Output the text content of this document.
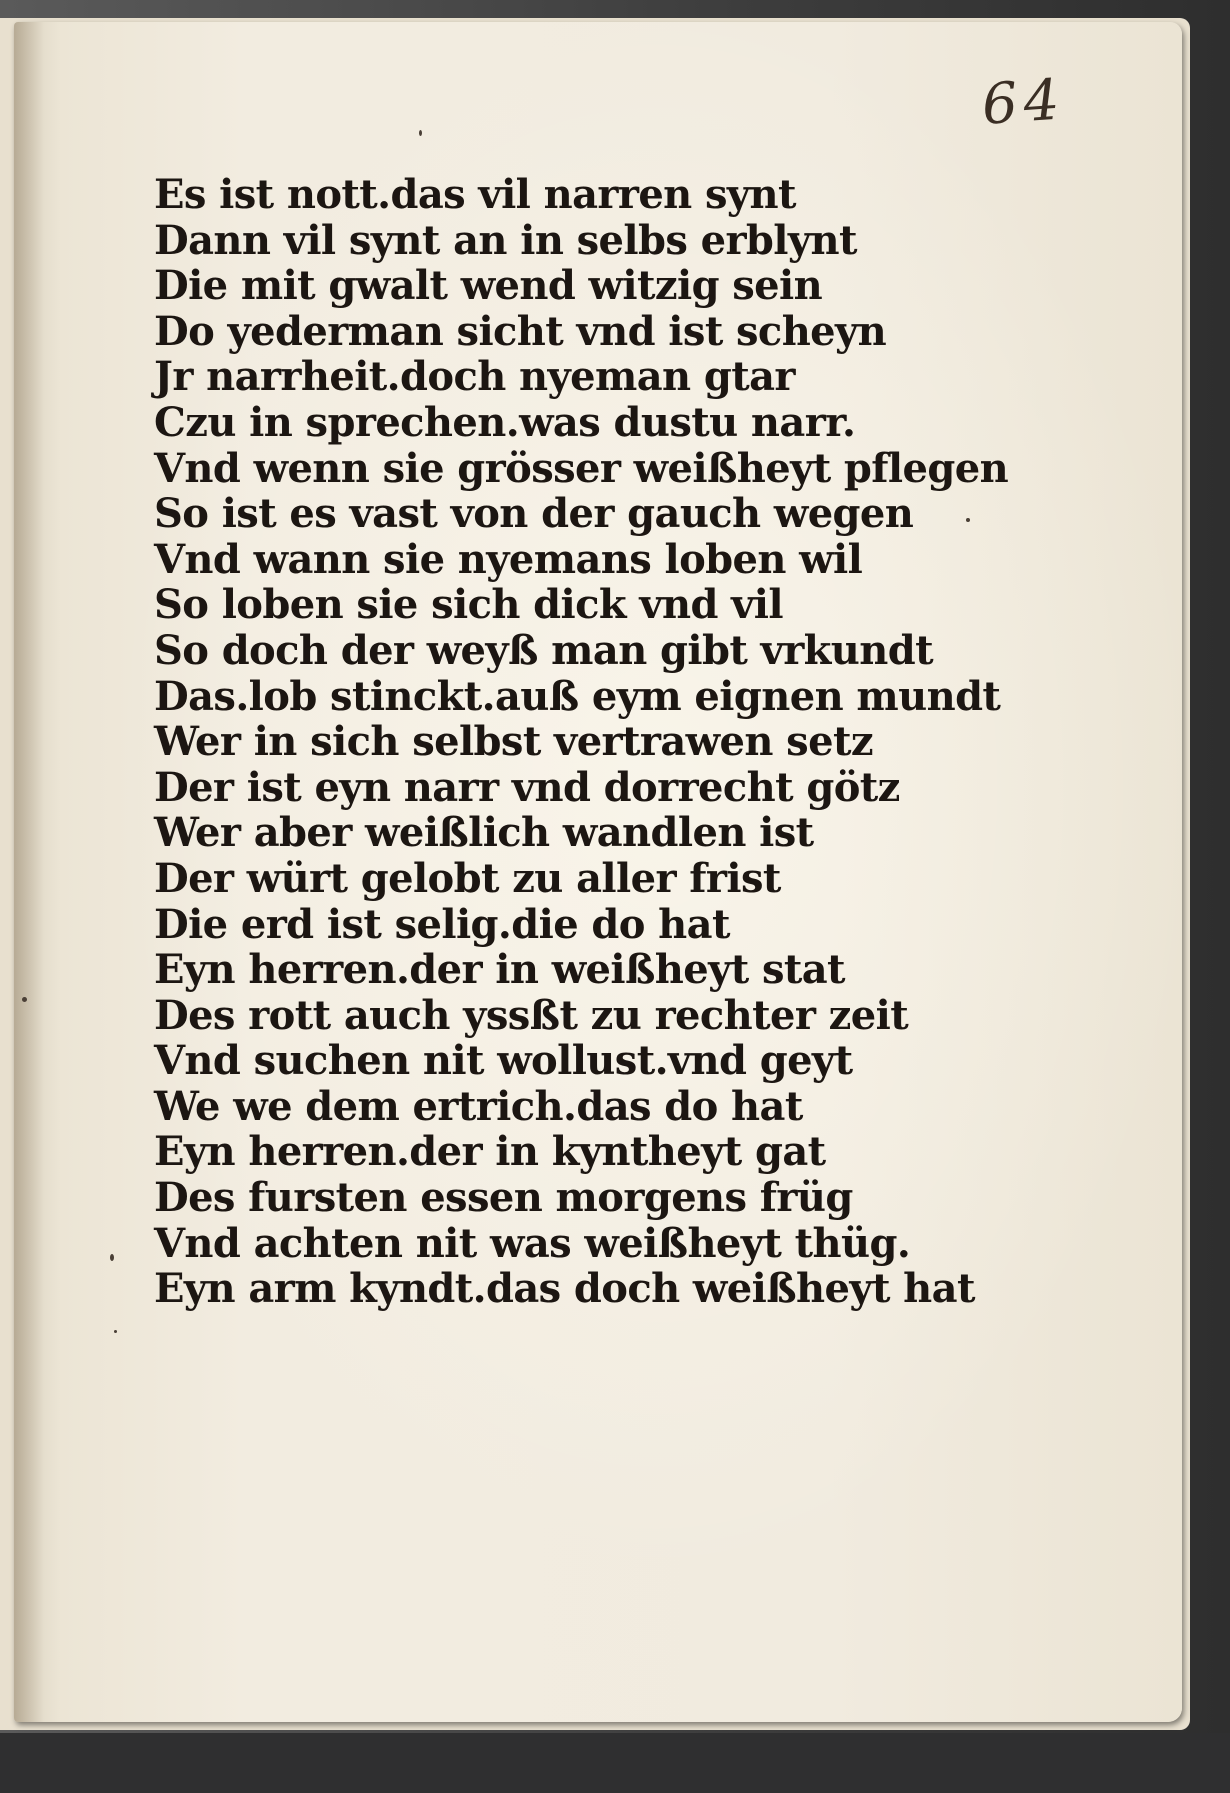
64
Es ist nott.das vil narren synt
Dann vil synt an in selbs erblynt
Die mit gwalt wend witzig sein
Do yederman sicht vnd ist scheyn
Jr narrheit.doch nyeman gtar
Czu in sprechen.was dustu narr.
Vnd wenn sie grösser weißheyt pflegen
So ist es vast von der gauch wegen
Vnd wann sie nyemans loben wil
So loben sie sich dick vnd vil
So doch der weyß man gibt vrkundt
Das.lob stinckt.auß eym eignen mundt
Wer in sich selbst vertrawen setz
Der ist eyn narr vnd dorrecht götz
Wer aber weißlich wandlen ist
Der würt gelobt zu aller frist
Die erd ist selig.die do hat
Eyn herren.der in weißheyt stat
Des rott auch yssßt zu rechter zeit
Vnd suchen nit wollust.vnd geyt
We we dem ertrich.das do hat
Eyn herren.der in kyntheyt gat
Des fursten essen morgens früg
Vnd achten nit was weißheyt thüg.
Eyn arm kyndt.das doch weißheyt hat
